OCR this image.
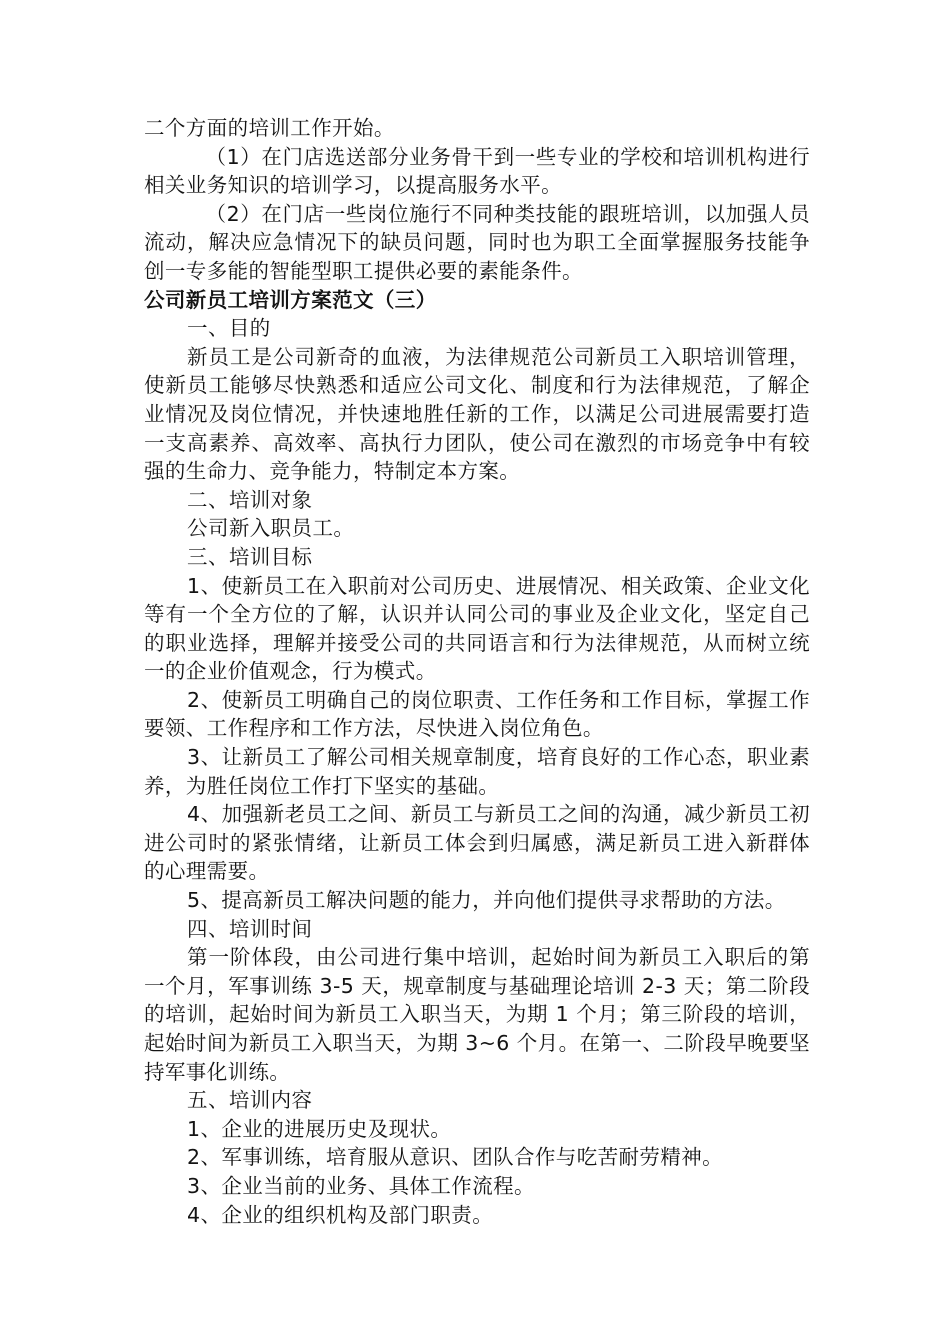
二个方面的培训工作开始。

（1）在门店选送部分业务骨干到一些专业的学校和培训机构进行相关业务知识的培训学习，以提高服务水平。

（2）在门店一些岗位施行不同种类技能的跟班培训，以加强人员流动，解决应急情况下的缺员问题，同时也为职工全面掌握服务技能争创一专多能的智能型职工提供必要的素能条件。

公司新员工培训方案范文（三）

一、目的

新员工是公司新奇的血液，为法律规范公司新员工入职培训管理，使新员工能够尽快熟悉和适应公司文化、制度和行为法律规范，了解企业情况及岗位情况，并快速地胜任新的工作，以满足公司进展需要打造一支高素养、高效率、高执行力团队，使公司在激烈的市场竞争中有较强的生命力、竞争能力，特制定本方案。

二、培训对象

公司新入职员工。

三、培训目标

1、使新员工在入职前对公司历史、进展情况、相关政策、企业文化等有一个全方位的了解，认识并认同公司的事业及企业文化，坚定自己的职业选择，理解并接受公司的共同语言和行为法律规范，从而树立统一的企业价值观念，行为模式。

2、使新员工明确自己的岗位职责、工作任务和工作目标，掌握工作要领、工作程序和工作方法，尽快进入岗位角色。

3、让新员工了解公司相关规章制度，培育良好的工作心态，职业素养，为胜任岗位工作打下坚实的基础。

4、加强新老员工之间、新员工与新员工之间的沟通，减少新员工初进公司时的紧张情绪，让新员工体会到归属感，满足新员工进入新群体的心理需要。

5、提高新员工解决问题的能力，并向他们提供寻求帮助的方法。

四、培训时间

第一阶体段，由公司进行集中培训，起始时间为新员工入职后的第一个月，军事训练 3-5 天，规章制度与基础理论培训 2-3 天；第二阶段的培训，起始时间为新员工入职当天，为期 1 个月；第三阶段的培训，起始时间为新员工入职当天，为期 3~6 个月。在第一、二阶段早晚要坚持军事化训练。

五、培训内容

1、企业的进展历史及现状。

2、军事训练，培育服从意识、团队合作与吃苦耐劳精神。

3、企业当前的业务、具体工作流程。

4、企业的组织机构及部门职责。
